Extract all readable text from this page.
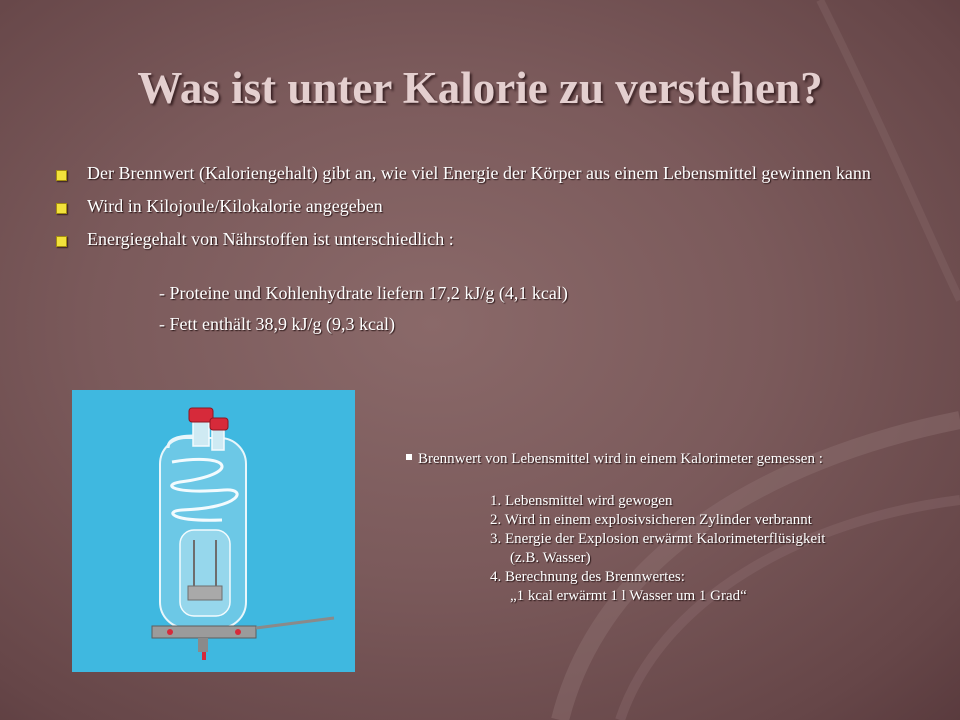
Was ist unter Kalorie zu verstehen?
Der Brennwert (Kaloriengehalt) gibt an, wie viel Energie der Körper aus einem Lebensmittel gewinnen kann
Wird in Kilojoule/Kilokalorie angegeben
Energiegehalt von Nährstoffen ist unterschiedlich :
- Proteine und Kohlenhydrate liefern 17,2 kJ/g (4,1 kcal)
- Fett enthält 38,9 kJ/g (9,3 kcal)
Brennwert von Lebensmittel wird in einem Kalorimeter gemessen :
1. Lebensmittel wird gewogen
2. Wird in einem explosivsicheren Zylinder verbrannt
3. Energie der Explosion erwärmt Kalorimeterflüsigkeit
(z.B. Wasser)
4. Berechnung des Brennwertes:
„1 kcal erwärmt 1 l Wasser um 1 Grad“
